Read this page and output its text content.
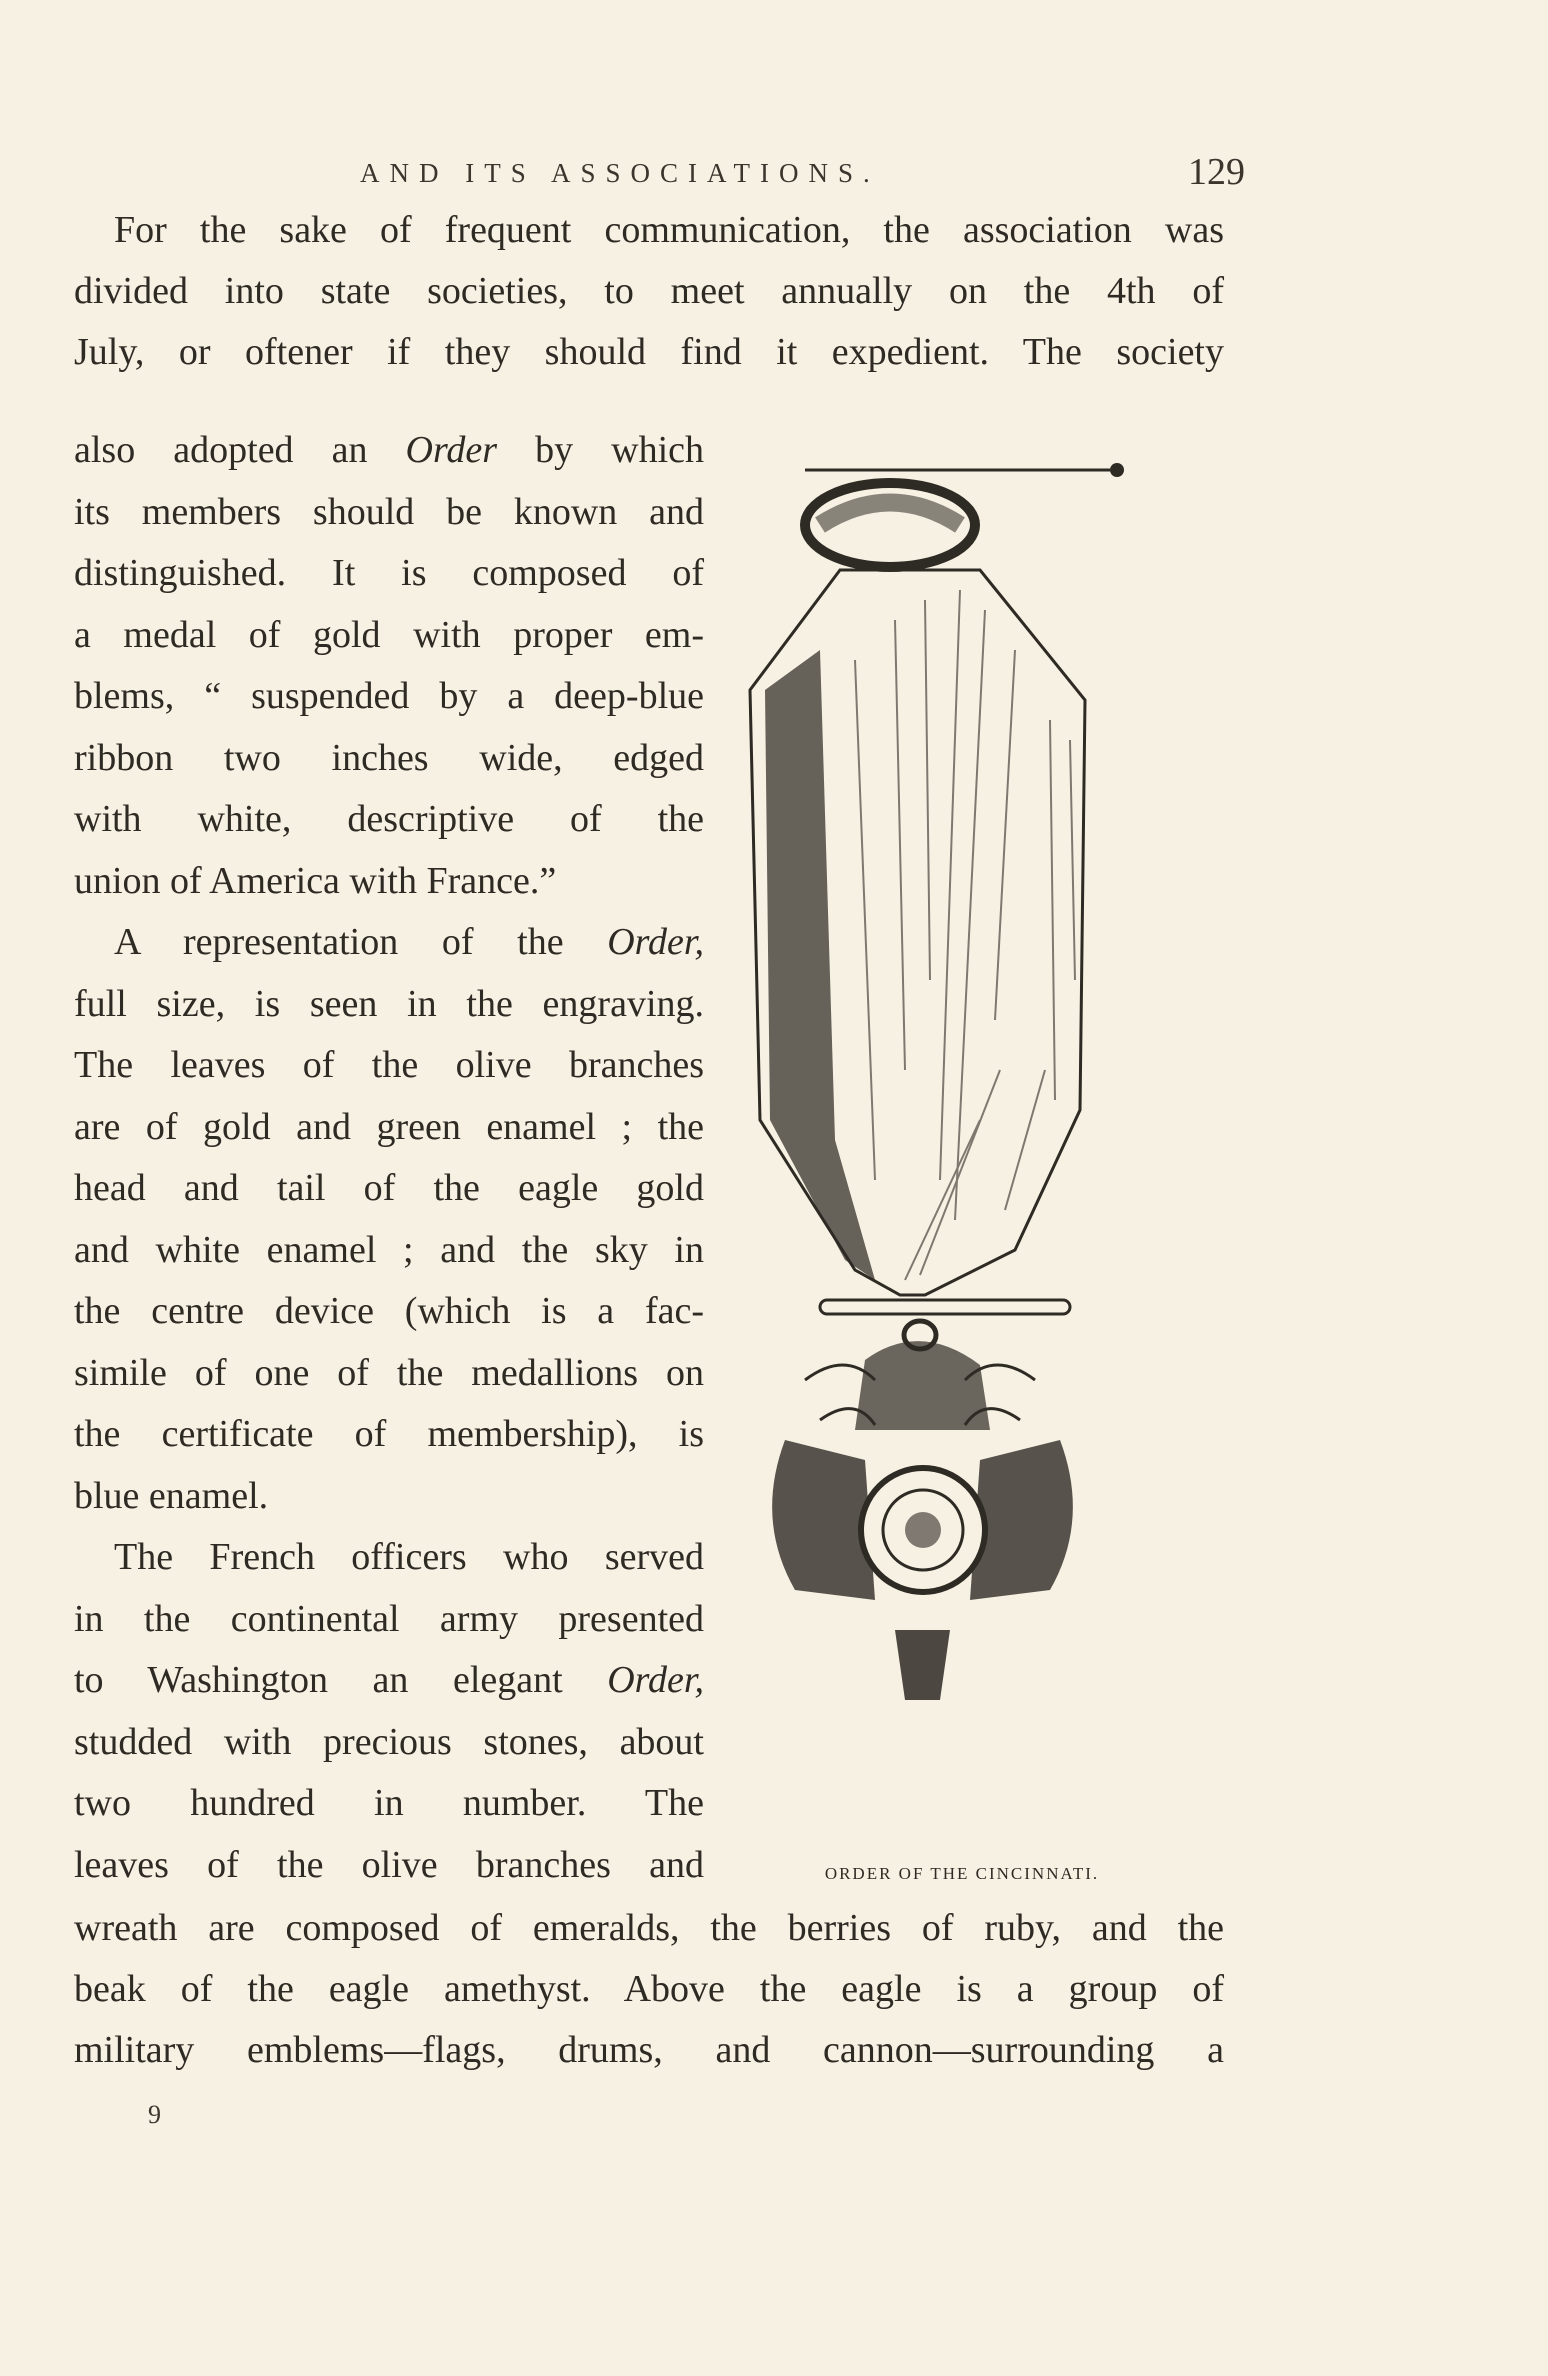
AND ITS ASSOCIATIONS.	129
For the sake of frequent communication, the association was
divided into state societies, to meet annually on the 4th of
July, or oftener if they should find it expedient. The society
also adopted an Order by which
its members should be known and
distinguished. It is composed of
a medal of gold with proper em-
blems, “ suspended by a deep-blue
ribbon two inches wide, edged
with white, descriptive of the
union of America with France.”
A representation of the Order,
full size, is seen in the engraving.
The leaves of the olive branches
are of gold and green enamel ; the
head and tail of the eagle gold
and white enamel ; and the sky in
the centre device (which is a fac-
simile of one of the medallions on
the certificate of membership), is
blue enamel.
The French officers who served
in the continental army presented
to Washington an elegant Order,
studded with precious stones, about
two hundred in number. The
leaves of the olive branches and	ORDER OF THE CINCINNATI.
wreath are composed of emeralds, the berries of ruby, and the
beak of the eagle amethyst. Above the eagle is a group of
military emblems—flags, drums, and cannon—surrounding a
9
